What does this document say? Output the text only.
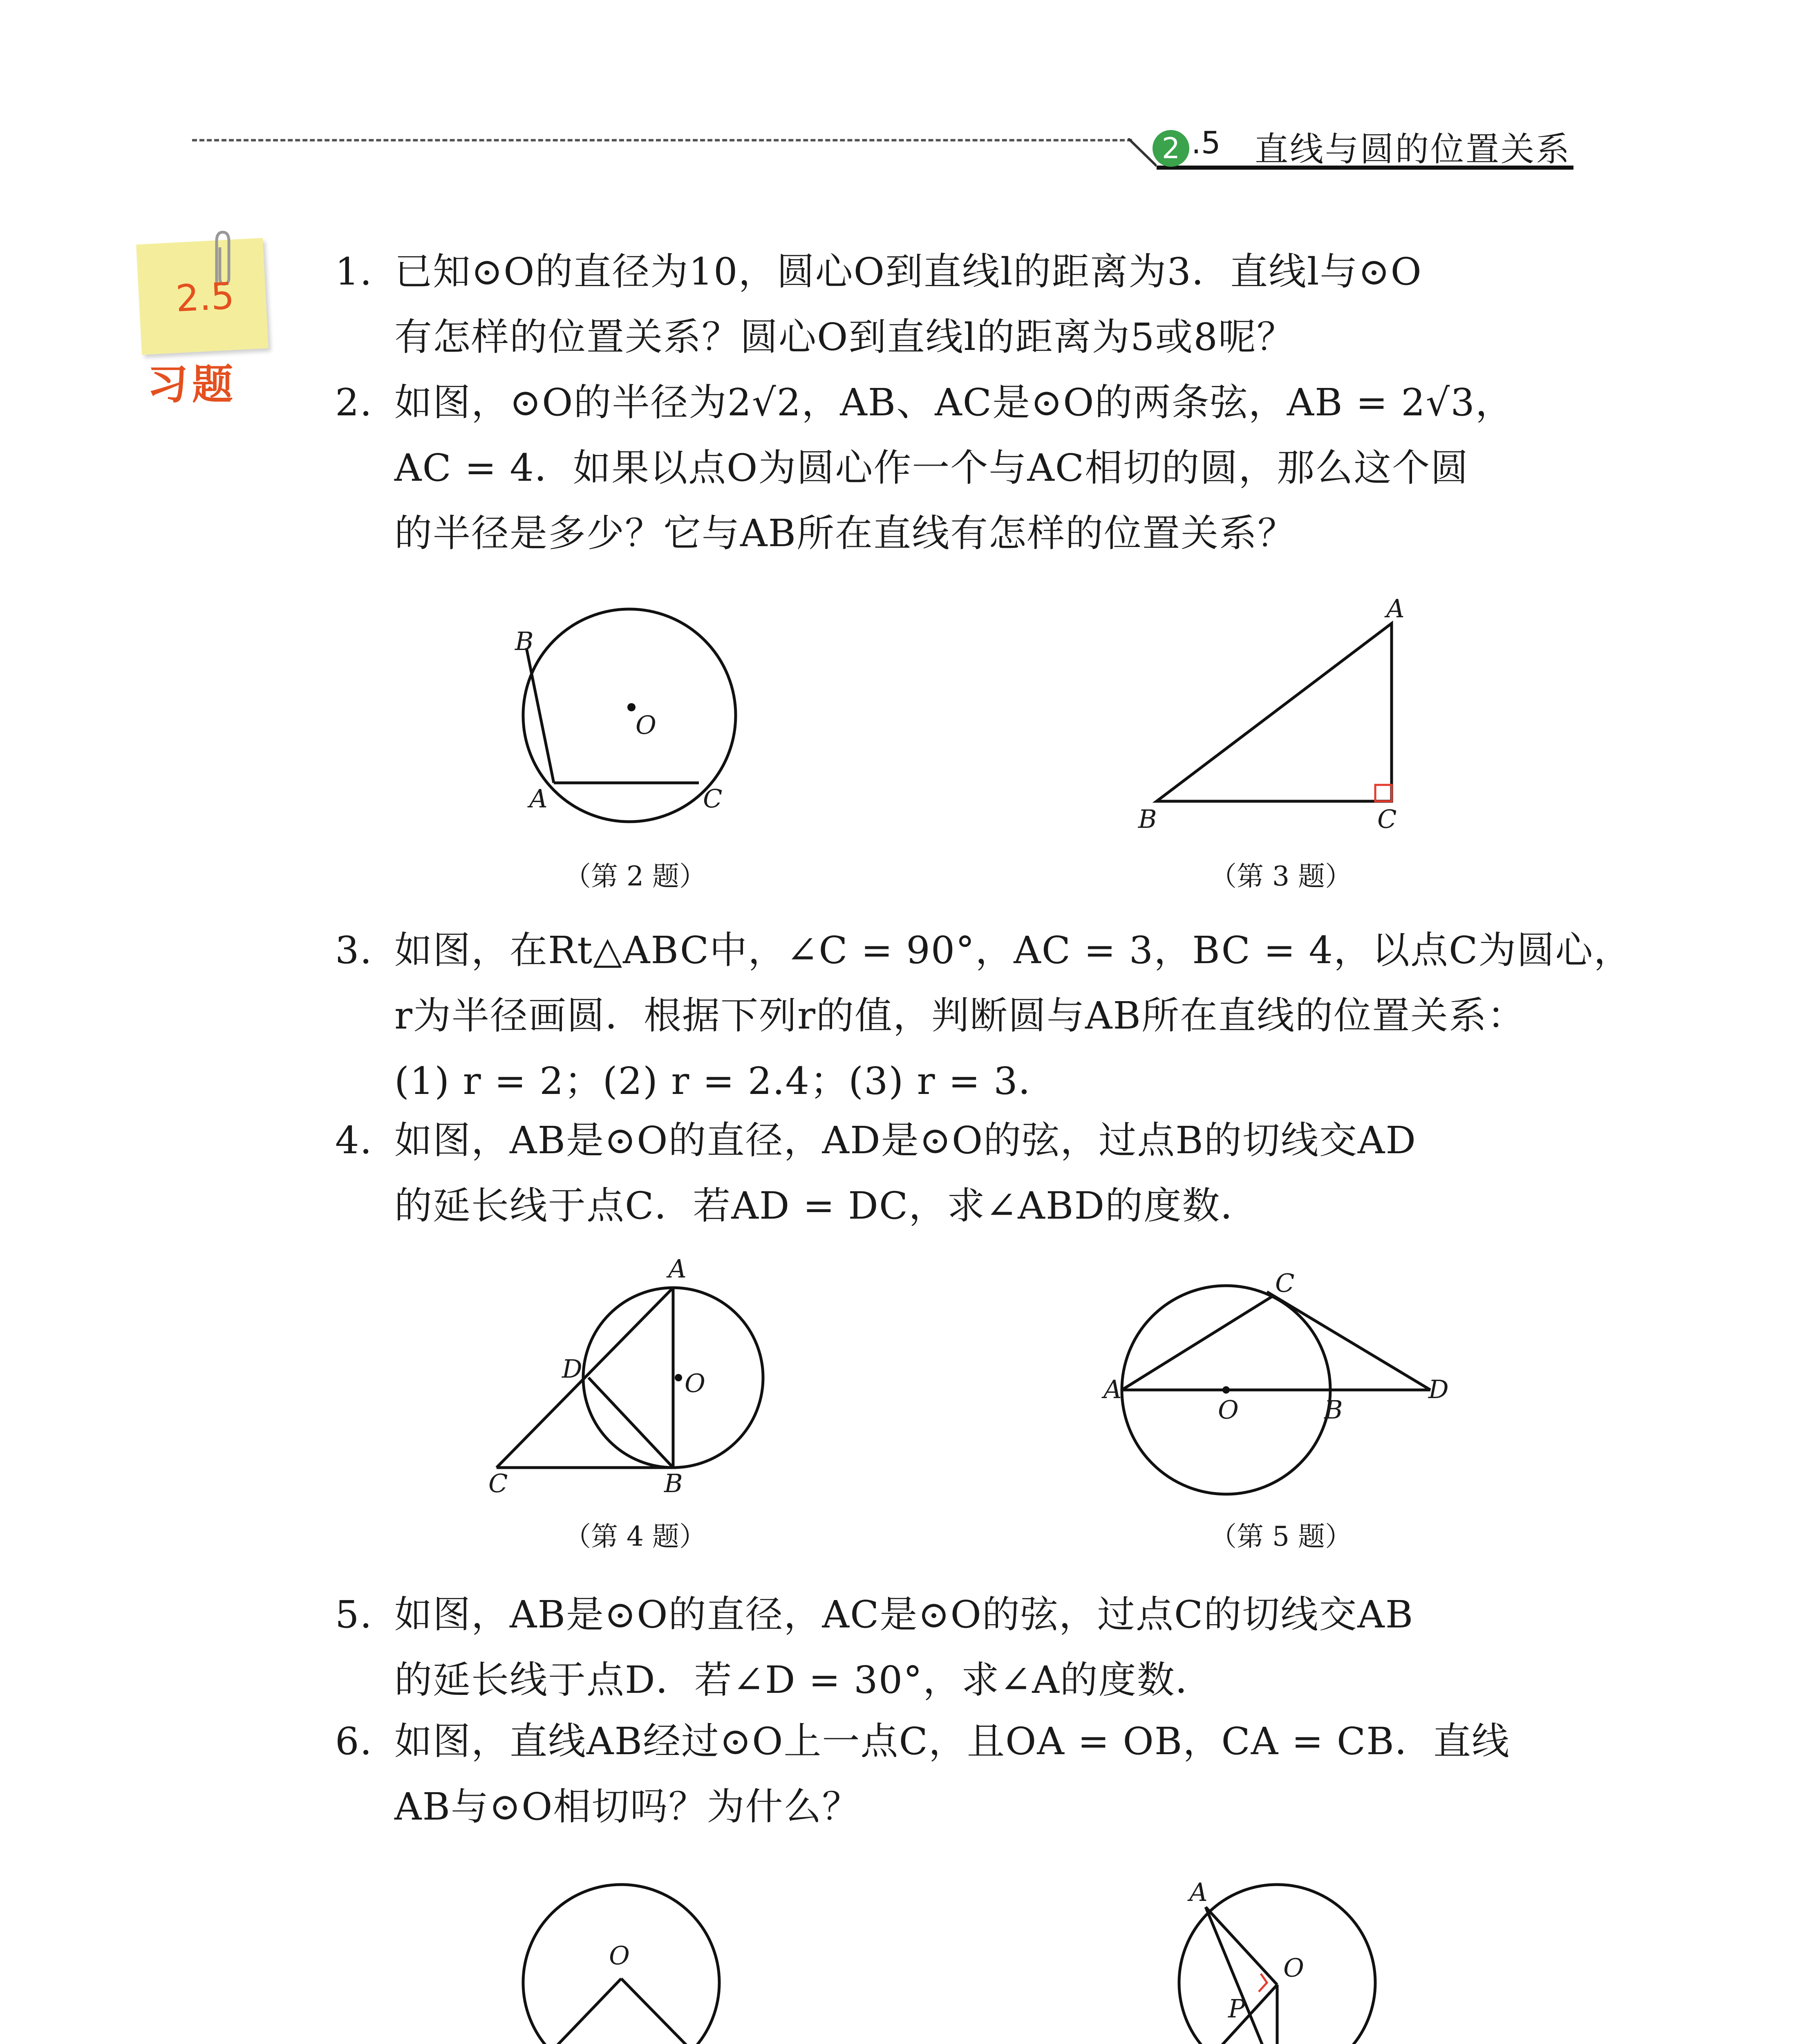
2 .5 直线与圆的位置关系
2.5
习题
1. 已知⊙O的直径为10，圆心O到直线l的距离为3．直线l与⊙O
有怎样的位置关系？圆心O到直线l的距离为5或8呢？
2. 如图，⊙O的半径为2√2，AB、AC是⊙O的两条弦，AB = 2√3，
AC = 4．如果以点O为圆心作一个与AC相切的圆，那么这个圆
的半径是多少？它与AB所在直线有怎样的位置关系？
B
O
A	C
（第 2 题）
A
B	C
（第 3 题）
3. 如图，在Rt△ABC中，∠C = 90°，AC = 3，BC = 4，以点C为圆心，
r为半径画圆．根据下列r的值，判断圆与AB所在直线的位置关系：
(1) r = 2；(2) r = 2.4；(3) r = 3．
4. 如图，AB是⊙O的直径，AD是⊙O的弦，过点B的切线交AD
的延长线于点C．若AD = DC，求∠ABD的度数．
A
D	O
C	B
（第 4 题）
C
A
O	B
D
（第 5 题）
5. 如图，AB是⊙O的直径，AC是⊙O的弦，过点C的切线交AB
的延长线于点D．若∠D = 30°，求∠A的度数．
6. 如图，直线AB经过⊙O上一点C，且OA = OB，CA = CB．直线
AB与⊙O相切吗？为什么？
O
A
O
P
